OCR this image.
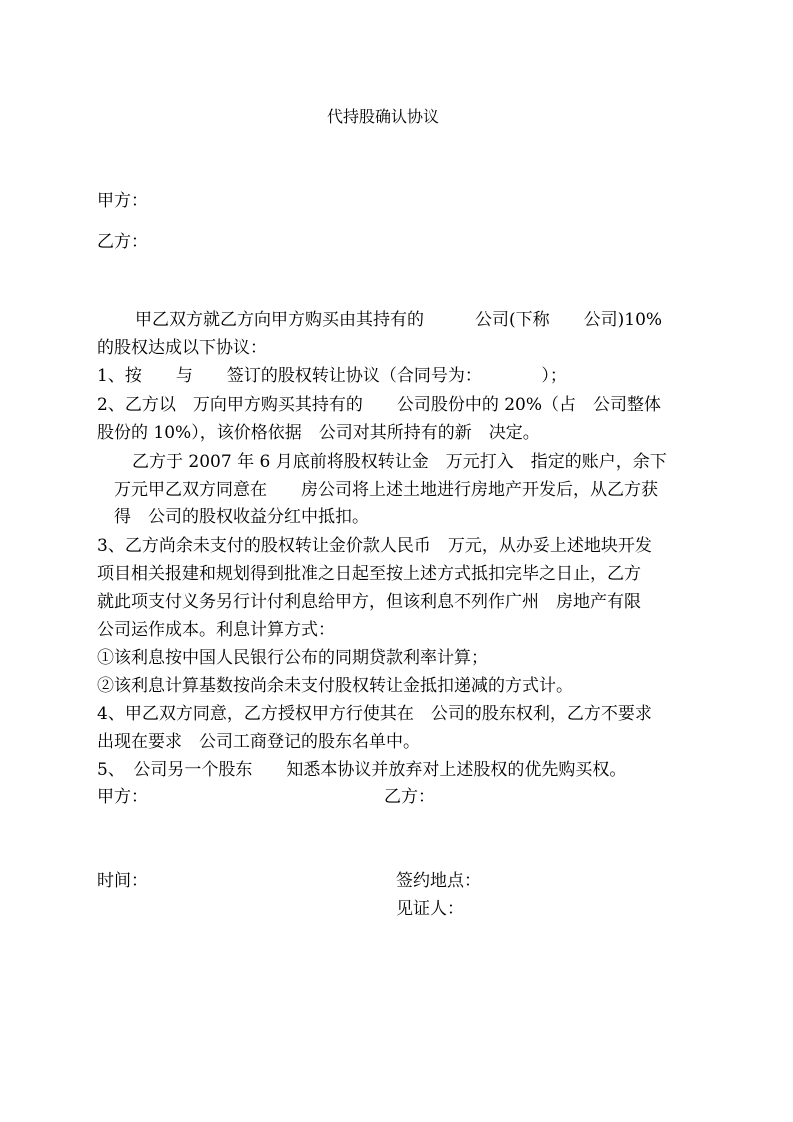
代持股确认协议
甲方：
乙方：
甲乙双方就乙方向甲方购买由其持有的　　　公司(下称　　公司)10%
的股权达成以下协议：
1、按　　与　　签订的股权转让协议（合同号为：　　　　）；
2、乙方以　万向甲方购买其持有的　　公司股份中的 20%（占　公司整体
股份的 10%），该价格依据　公司对其所持有的新　决定。
乙方于 2007 年 6 月底前将股权转让金　万元打入　指定的账户，余下
　万元甲乙双方同意在　　房公司将上述土地进行房地产开发后，从乙方获
　得　公司的股权收益分红中抵扣。
3、乙方尚余未支付的股权转让金价款人民币　万元，从办妥上述地块开发
项目相关报建和规划得到批准之日起至按上述方式抵扣完毕之日止，乙方
就此项支付义务另行计付利息给甲方，但该利息不列作广州　房地产有限
公司运作成本。利息计算方式：
①该利息按中国人民银行公布的同期贷款利率计算；
②该利息计算基数按尚余未支付股权转让金抵扣递减的方式计。
4、甲乙双方同意，乙方授权甲方行使其在　公司的股东权利，乙方不要求
出现在要求　公司工商登记的股东名单中。
5、　公司另一个股东　　知悉本协议并放弃对上述股权的优先购买权。
甲方：	乙方：
时间：	签约地点：
见证人：
